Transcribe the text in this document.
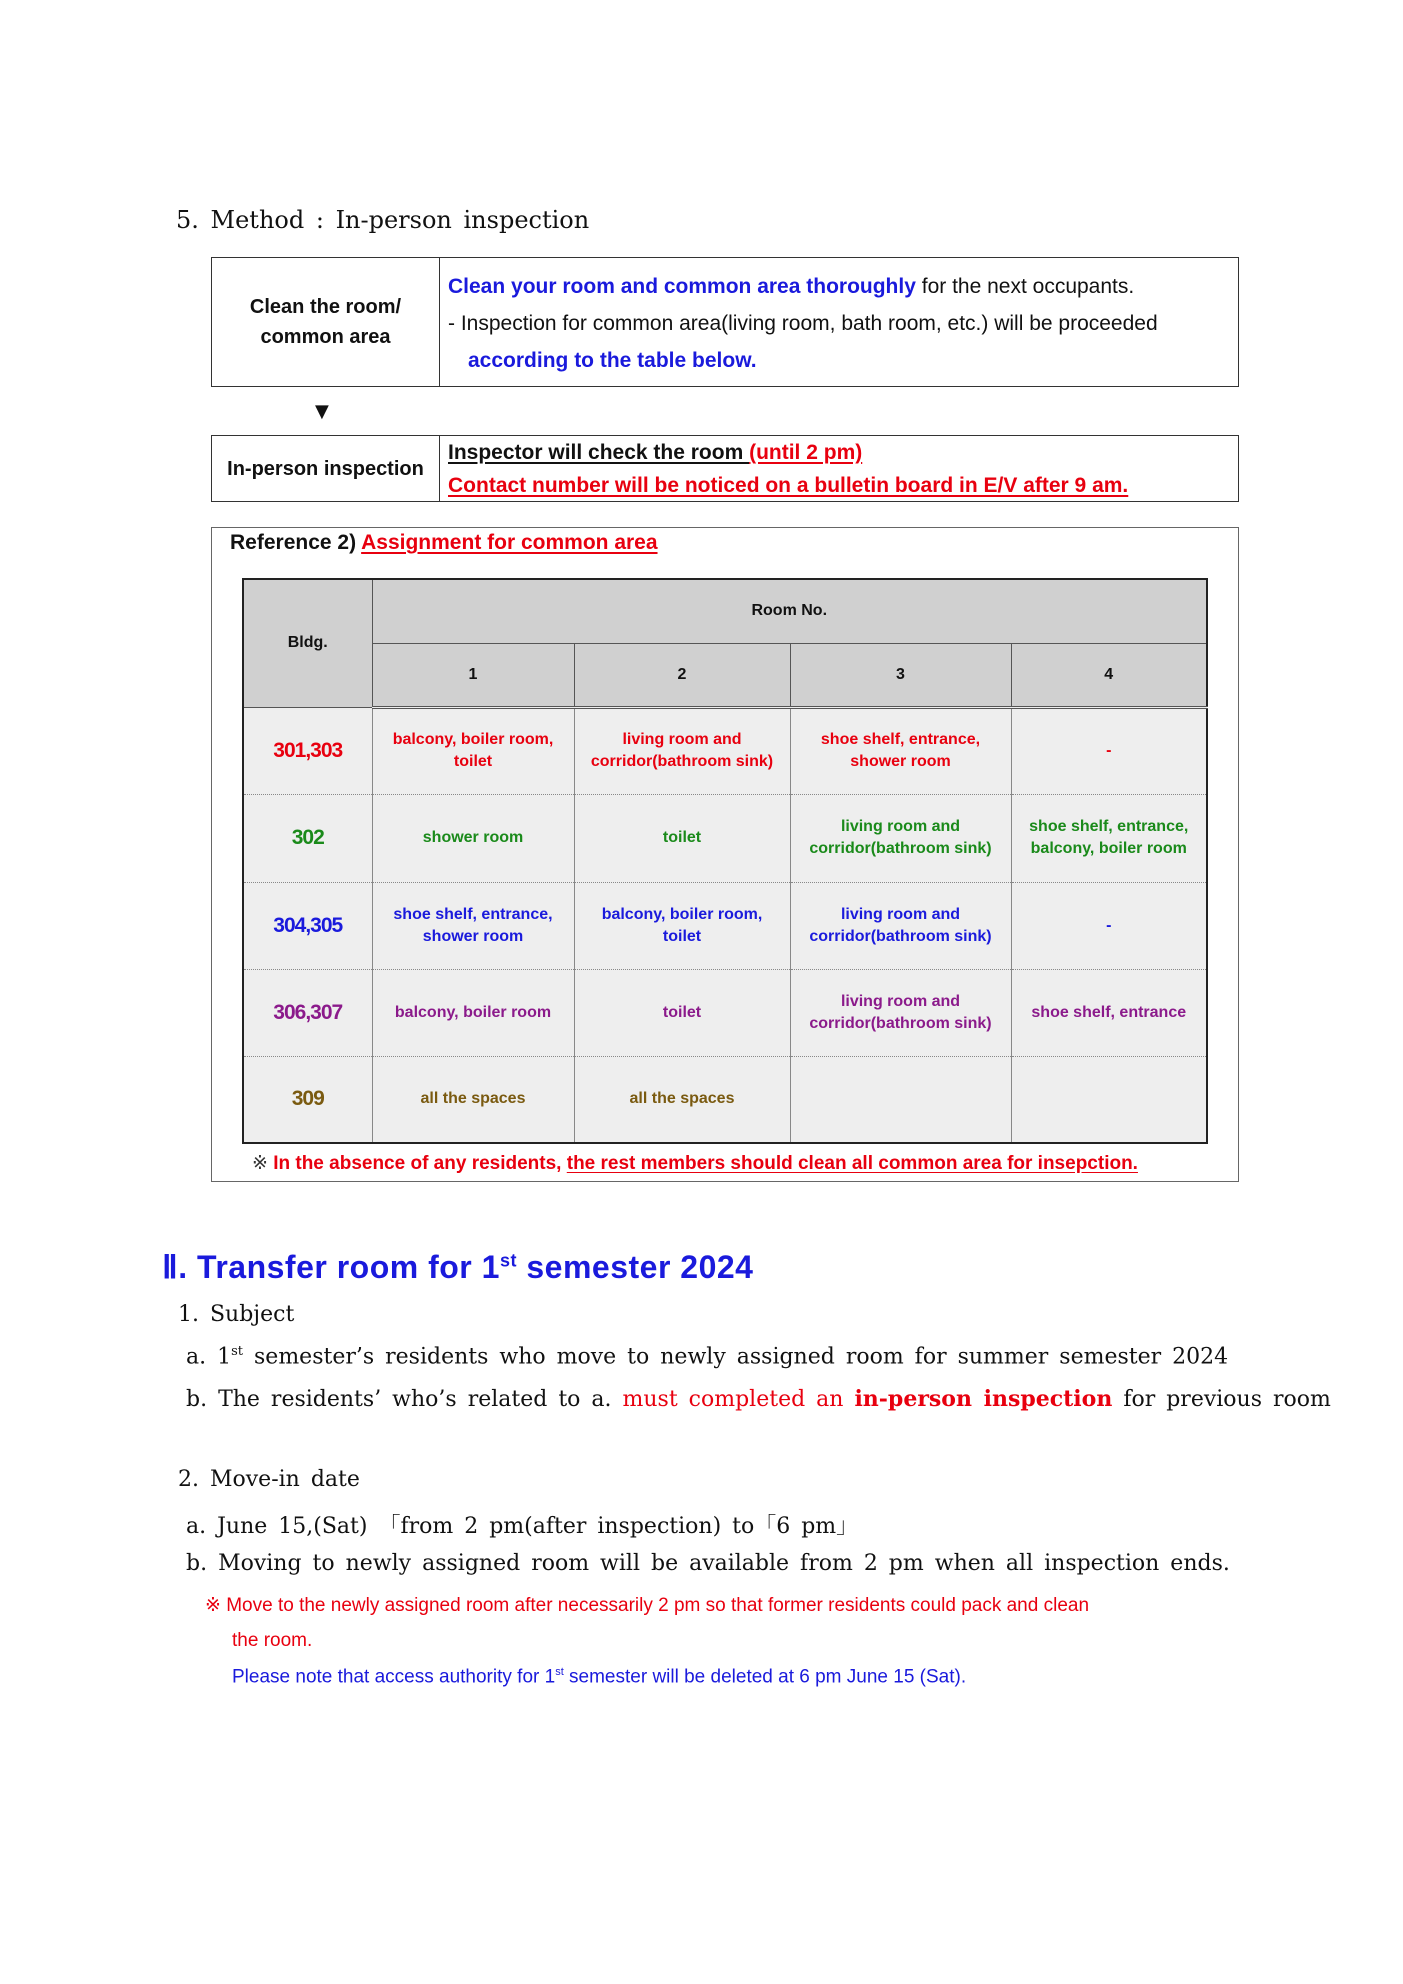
5. Method : In-person inspection
Clean the room/
common area
Clean your room and common area thoroughly for the next occupants.
- Inspection for common area(living room, bath room, etc.) will be proceeded
according to the table below.
▼
In-person inspection
Inspector will check the room (until 2 pm)
Contact number will be noticed on a bulletin board in E/V after 9 am.
Reference 2) Assignment for common area
Bldg.	Room No.			
	1	2	3	4
301,303	balcony, boiler room, toilet	living room and corridor(bathroom sink)	shoe shelf, entrance, shower room	-
302	shower room	toilet	living room and corridor(bathroom sink)	shoe shelf, entrance, balcony, boiler room
304,305	shoe shelf, entrance, shower room	balcony, boiler room, toilet	living room and corridor(bathroom sink)	-
306,307	balcony, boiler room	toilet	living room and corridor(bathroom sink)	shoe shelf, entrance
309	all the spaces	all the spaces		
※ In the absence of any residents, the rest members should clean all common area for insepction.
Ⅱ. Transfer room for 1st semester 2024
1. Subject
a. 1st semester’s residents who move to newly assigned room for summer semester 2024
b. The residents’ who’s related to a. must completed an in-person inspection for previous room
2. Move-in date
a. June 15,(Sat) 「from 2 pm(after inspection) to「6 pm」
b. Moving to newly assigned room will be available from 2 pm when all inspection ends.
※ Move to the newly assigned room after necessarily 2 pm so that former residents could pack and clean
the room.
Please note that access authority for 1st semester will be deleted at 6 pm June 15 (Sat).
